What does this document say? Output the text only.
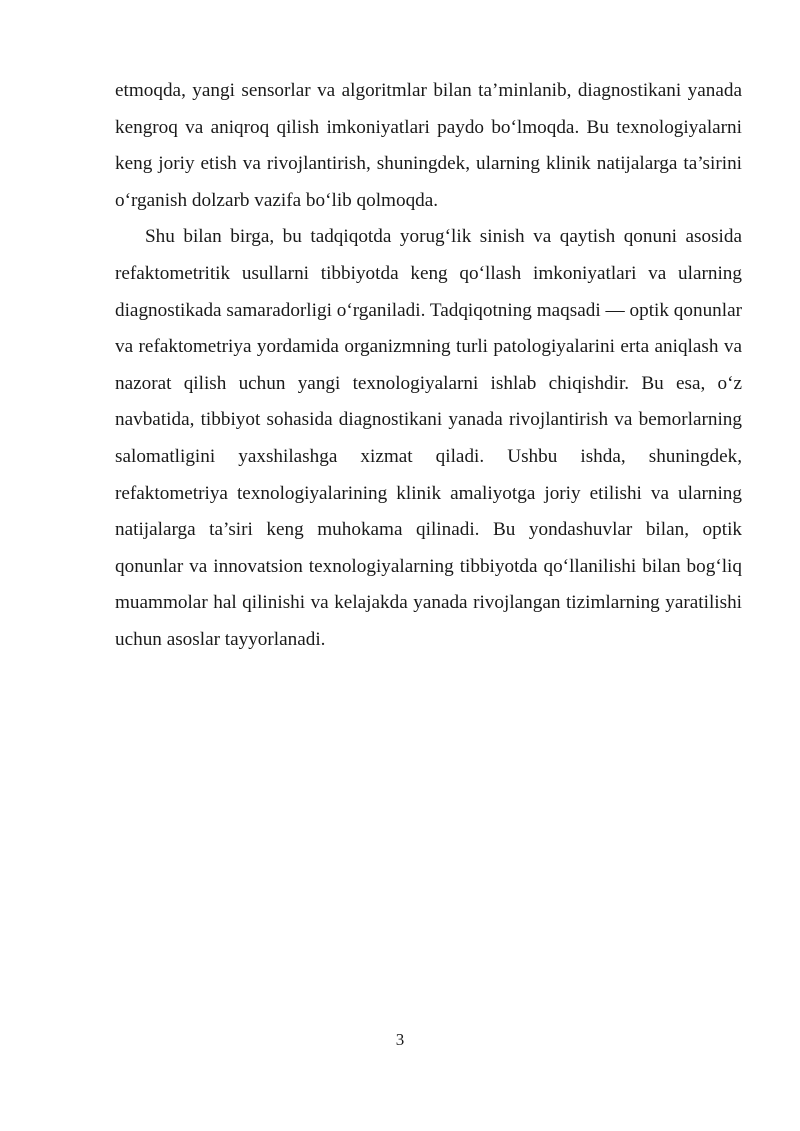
etmoqda, yangi sensorlar va algoritmlar bilan ta’minlanib, diagnostikani yanada kengroq va aniqroq qilish imkoniyatlari paydo bo‘lmoqda. Bu texnologiyalarni keng joriy etish va rivojlantirish, shuningdek, ularning klinik natijalarga ta’sirini o‘rganish dolzarb vazifa bo‘lib qolmoqda.

Shu bilan birga, bu tadqiqotda yorug‘lik sinish va qaytish qonuni asosida refaktometritik usullarni tibbiyotda keng qo‘llash imkoniyatlari va ularning diagnostikada samaradorligi o‘rganiladi. Tadqiqotning maqsadi — optik qonunlar va refaktometriya yordamida organizmning turli patologiyalarini erta aniqlash va nazorat qilish uchun yangi texnologiyalarni ishlab chiqishdir. Bu esa, o‘z navbatida, tibbiyot sohasida diagnostikani yanada rivojlantirish va bemorlarning salomatligini yaxshilashga xizmat qiladi. Ushbu ishda, shuningdek, refaktometriya texnologiyalarining klinik amaliyotga joriy etilishi va ularning natijalarga ta’siri keng muhokama qilinadi. Bu yondashuvlar bilan, optik qonunlar va innovatsion texnologiyalarning tibbiyotda qo‘llanilishi bilan bog‘liq muammolar hal qilinishi va kelajakda yanada rivojlangan tizimlarning yaratilishi uchun asoslar tayyorlanadi.

3
